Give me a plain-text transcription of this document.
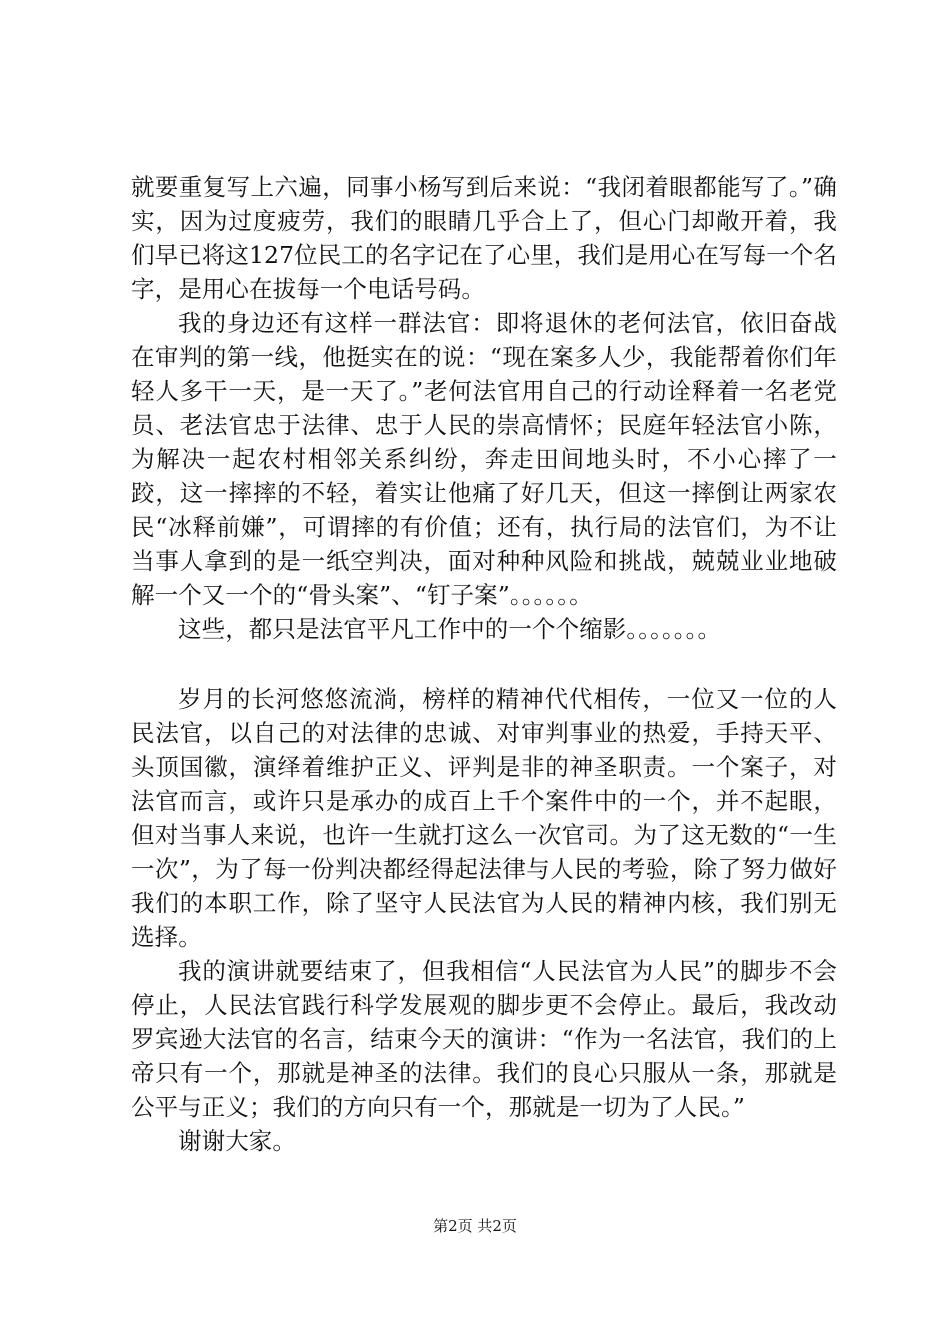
就要重复写上六遍，同事小杨写到后来说：“我闭着眼都能写了。”确实，因为过度疲劳，我们的眼睛几乎合上了，但心门却敞开着，我们早已将这127位民工的名字记在了心里，我们是用心在写每一个名字，是用心在拔每一个电话号码。

我的身边还有这样一群法官：即将退休的老何法官，依旧奋战在审判的第一线，他挺实在的说：“现在案多人少，我能帮着你们年轻人多干一天，是一天了。”老何法官用自己的行动诠释着一名老党员、老法官忠于法律、忠于人民的崇高情怀；民庭年轻法官小陈，为解决一起农村相邻关系纠纷，奔走田间地头时，不小心摔了一跤，这一摔摔的不轻，着实让他痛了好几天，但这一摔倒让两家农民“冰释前嫌”，可谓摔的有价值；还有，执行局的法官们，为不让当事人拿到的是一纸空判决，面对种种风险和挑战，兢兢业业地破解一个又一个的“骨头案”、“钉子案”。。。。。。

这些，都只是法官平凡工作中的一个个缩影。。。。。。。

岁月的长河悠悠流淌，榜样的精神代代相传，一位又一位的人民法官，以自己的对法律的忠诚、对审判事业的热爱，手持天平、头顶国徽，演绎着维护正义、评判是非的神圣职责。一个案子，对法官而言，或许只是承办的成百上千个案件中的一个，并不起眼，但对当事人来说，也许一生就打这么一次官司。为了这无数的“一生一次”，为了每一份判决都经得起法律与人民的考验，除了努力做好我们的本职工作，除了坚守人民法官为人民的精神内核，我们别无选择。

我的演讲就要结束了，但我相信“人民法官为人民”的脚步不会停止，人民法官践行科学发展观的脚步更不会停止。最后，我改动罗宾逊大法官的名言，结束今天的演讲：“作为一名法官，我们的上帝只有一个，那就是神圣的法律。我们的良心只服从一条，那就是公平与正义；我们的方向只有一个，那就是一切为了人民。”

谢谢大家。

第2页 共2页
